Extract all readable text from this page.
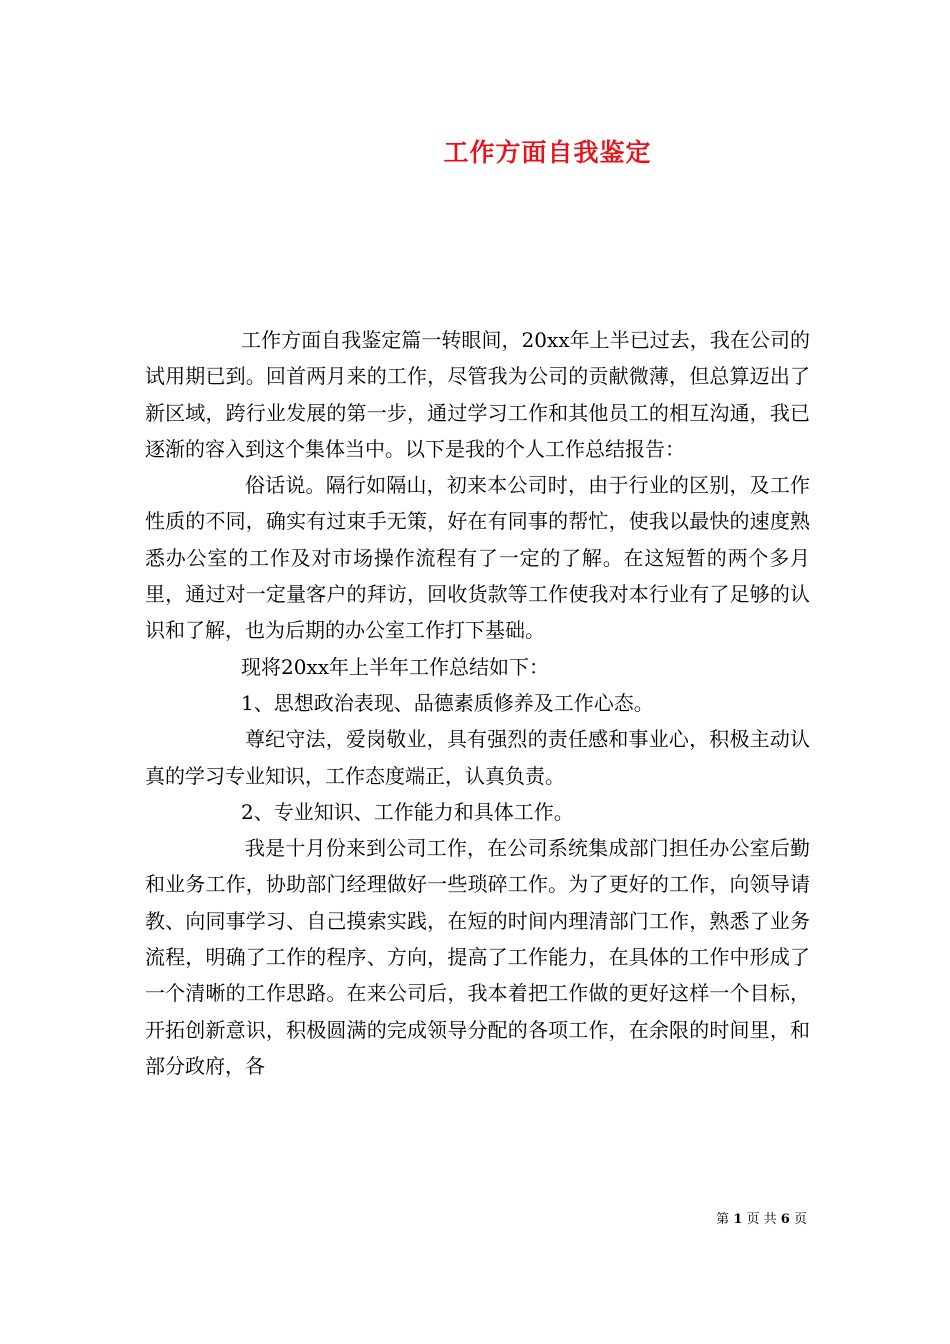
工作方面自我鉴定

工作方面自我鉴定篇一转眼间，20xx年上半已过去，我在公司的试用期已到。回首两月来的工作，尽管我为公司的贡献微薄，但总算迈出了新区域，跨行业发展的第一步，通过学习工作和其他员工的相互沟通，我已逐渐的容入到这个集体当中。以下是我的个人工作总结报告：

俗话说。隔行如隔山，初来本公司时，由于行业的区别，及工作性质的不同，确实有过束手无策，好在有同事的帮忙，使我以最快的速度熟悉办公室的工作及对市场操作流程有了一定的了解。在这短暂的两个多月里，通过对一定量客户的拜访，回收货款等工作使我对本行业有了足够的认识和了解，也为后期的办公室工作打下基础。

现将20xx年上半年工作总结如下：

1、思想政治表现、品德素质修养及工作心态。

尊纪守法，爱岗敬业，具有强烈的责任感和事业心，积极主动认真的学习专业知识，工作态度端正，认真负责。

2、专业知识、工作能力和具体工作。

我是十月份来到公司工作，在公司系统集成部门担任办公室后勤和业务工作，协助部门经理做好一些琐碎工作。为了更好的工作，向领导请教、向同事学习、自己摸索实践，在短的时间内理清部门工作，熟悉了业务流程，明确了工作的程序、方向，提高了工作能力，在具体的工作中形成了一个清晰的工作思路。在来公司后，我本着把工作做的更好这样一个目标，开拓创新意识，积极圆满的完成领导分配的各项工作，在余限的时间里，和部分政府，各

第 1 页 共 6 页
